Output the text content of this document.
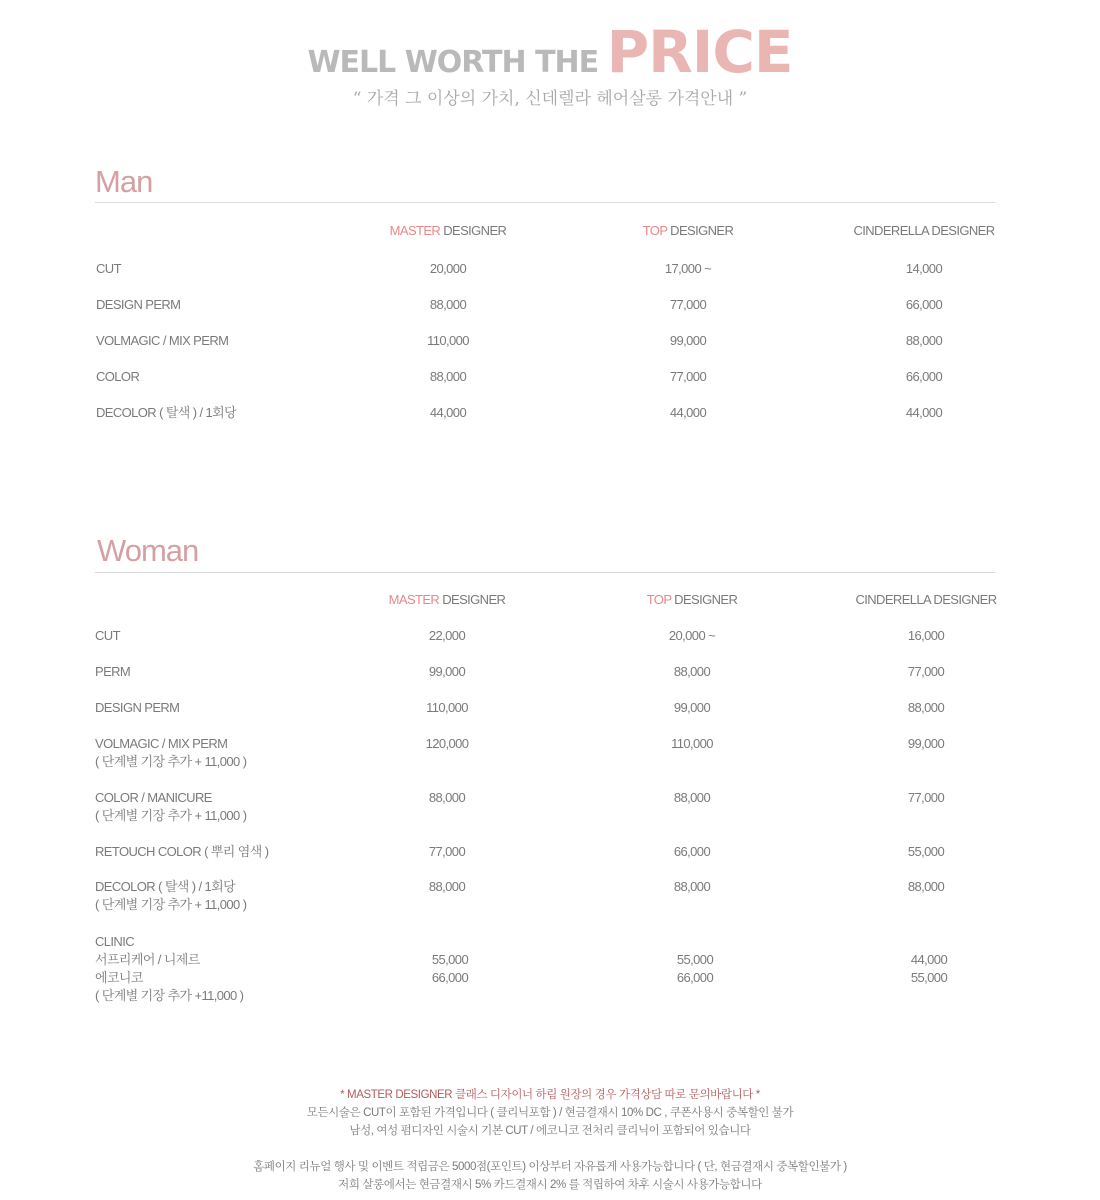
WELL WORTH THE PRICE
“ 가격 그 이상의 가치, 신데렐라 헤어살롱 가격안내 ”
Man
MASTER DESIGNER	TOP DESIGNER	CINDERELLA DESIGNER
CUT	20,000	17,000 ~	14,000
DESIGN PERM	88,000	77,000	66,000
VOLMAGIC / MIX PERM	110,000	99,000	88,000
COLOR	88,000	77,000	66,000
DECOLOR ( 탈색 ) / 1회당	44,000	44,000	44,000
Woman
MASTER DESIGNER	TOP DESIGNER	CINDERELLA DESIGNER
CUT	22,000	20,000 ~	16,000
PERM	99,000	88,000	77,000
DESIGN PERM	110,000	99,000	88,000
VOLMAGIC / MIX PERM
( 단계별 기장 추가 + 11,000 )
120,000	110,000	99,000
COLOR / MANICURE
( 단계별 기장 추가 + 11,000 )
88,000	88,000	77,000
RETOUCH COLOR ( 뿌리 염색 )	77,000	66,000	55,000
DECOLOR ( 탈색 ) / 1회당
( 단계별 기장 추가 + 11,000 )
88,000	88,000	88,000
CLINIC
서프리케어 / 니제르	55,000	55,000	44,000
에코니코	66,000	66,000	55,000
( 단계별 기장 추가 +11,000 )
* MASTER DESIGNER 클래스 디자이너 하림 원장의 경우 가격상담 따로 문의바랍니다 *
모든시술은 CUT이 포함된 가격입니다 ( 클리닉포함 ) / 현금결재시 10% DC , 쿠폰사용시 중복할인 불가
남성, 여성 펌디자인 시술시 기본 CUT / 에코니코 전처리 클리닉이 포함되어 있습니다
홈페이지 리뉴얼 행사 및 이벤트 적립금은 5000점(포인트) 이상부터 자유롭게 사용가능합니다 ( 단, 현금결재시 중복할인불가 )
저희 살롱에서는 현금결재시 5% 카드결재시 2% 를 적립하여 차후 시술시 사용가능합니다
